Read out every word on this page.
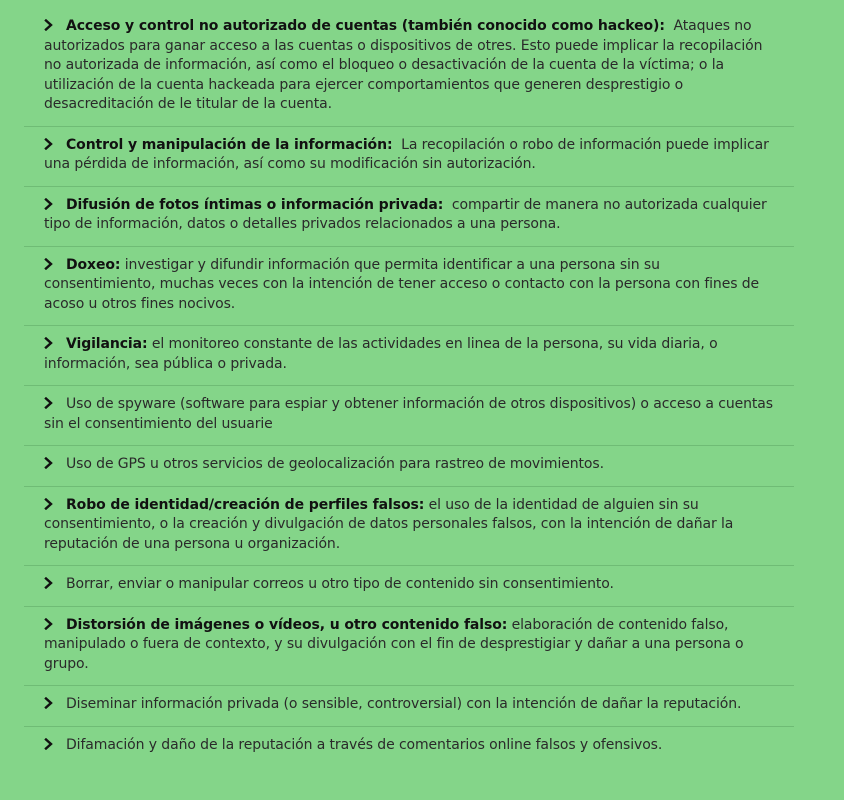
Acceso y control no autorizado de cuentas (también conocido como hackeo): Ataques no autorizados para ganar acceso a las cuentas o dispositivos de otres. Esto puede implicar la recopilación no autorizada de información, así como el bloqueo o desactivación de la cuenta de la víctima; o la utilización de la cuenta hackeada para ejercer comportamientos que generen desprestigio o desacreditación de le titular de la cuenta.
Control y manipulación de la información: La recopilación o robo de información puede implicar una pérdida de información, así como su modificación sin autorización.
Difusión de fotos íntimas o información privada: compartir de manera no autorizada cualquier tipo de información, datos o detalles privados relacionados a una persona.
Doxeo: investigar y difundir información que permita identificar a una persona sin su consentimiento, muchas veces con la intención de tener acceso o contacto con la persona con fines de acoso u otros fines nocivos.
Vigilancia: el monitoreo constante de las actividades en linea de la persona, su vida diaria, o información, sea pública o privada.
Uso de spyware (software para espiar y obtener información de otros dispositivos) o acceso a cuentas sin el consentimiento del usuarie
Uso de GPS u otros servicios de geolocalización para rastreo de movimientos.
Robo de identidad/creación de perfiles falsos: el uso de la identidad de alguien sin su consentimiento, o la creación y divulgación de datos personales falsos, con la intención de dañar la reputación de una persona u organización.
Borrar, enviar o manipular correos u otro tipo de contenido sin consentimiento.
Distorsión de imágenes o vídeos, u otro contenido falso: elaboración de contenido falso, manipulado o fuera de contexto, y su divulgación con el fin de desprestigiar y dañar a una persona o grupo.
Diseminar información privada (o sensible, controversial) con la intención de dañar la reputación.
Difamación y daño de la reputación a través de comentarios online falsos y ofensivos.
